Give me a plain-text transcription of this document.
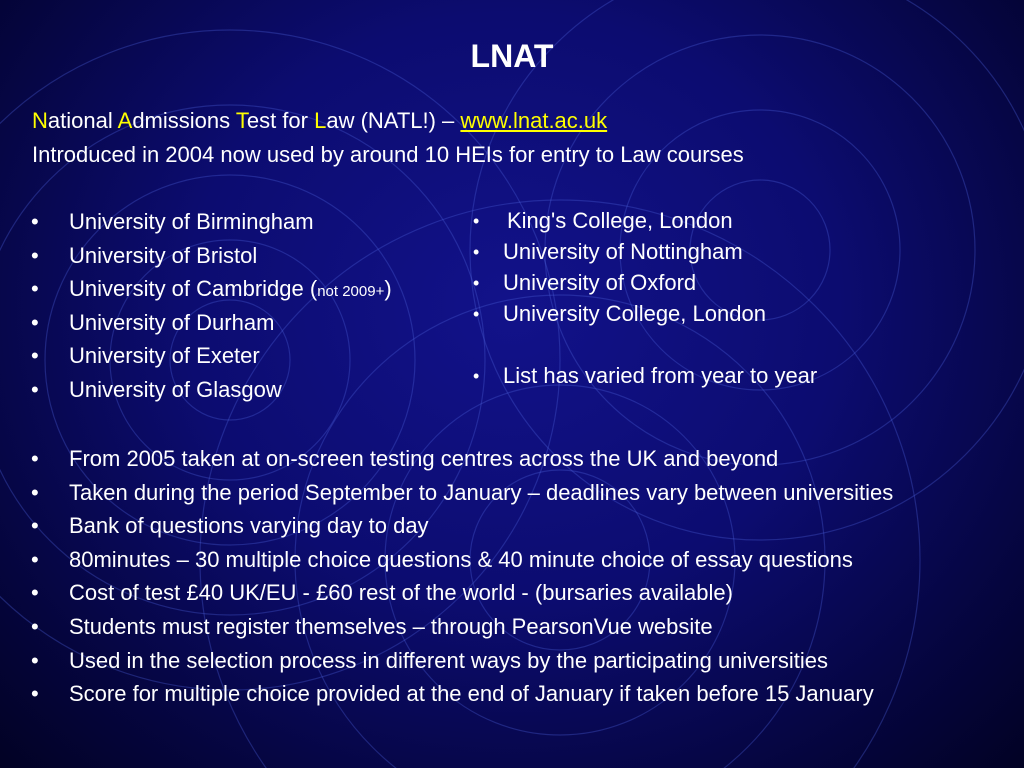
LNAT
National Admissions Test for Law (NATL!) – www.lnat.ac.uk
Introduced in 2004 now used by around 10 HEIs for entry to Law courses
• University of Birmingham
• University of Bristol
• University of Cambridge (not 2009+)
• University of Durham
• University of Exeter
• University of Glasgow
• King's College, London
• University of Nottingham
• University of Oxford
• University College, London
• List has varied from year to year
• From 2005 taken at on-screen testing centres across the UK and beyond
• Taken during the period September to January – deadlines vary between universities
• Bank of questions varying day to day
• 80minutes – 30 multiple choice questions & 40 minute choice of essay questions
• Cost of test £40 UK/EU - £60 rest of the world - (bursaries available)
• Students must register themselves – through PearsonVue website
• Used in the selection process in different ways by the participating universities
• Score for multiple choice provided at the end of January if taken before 15 January
